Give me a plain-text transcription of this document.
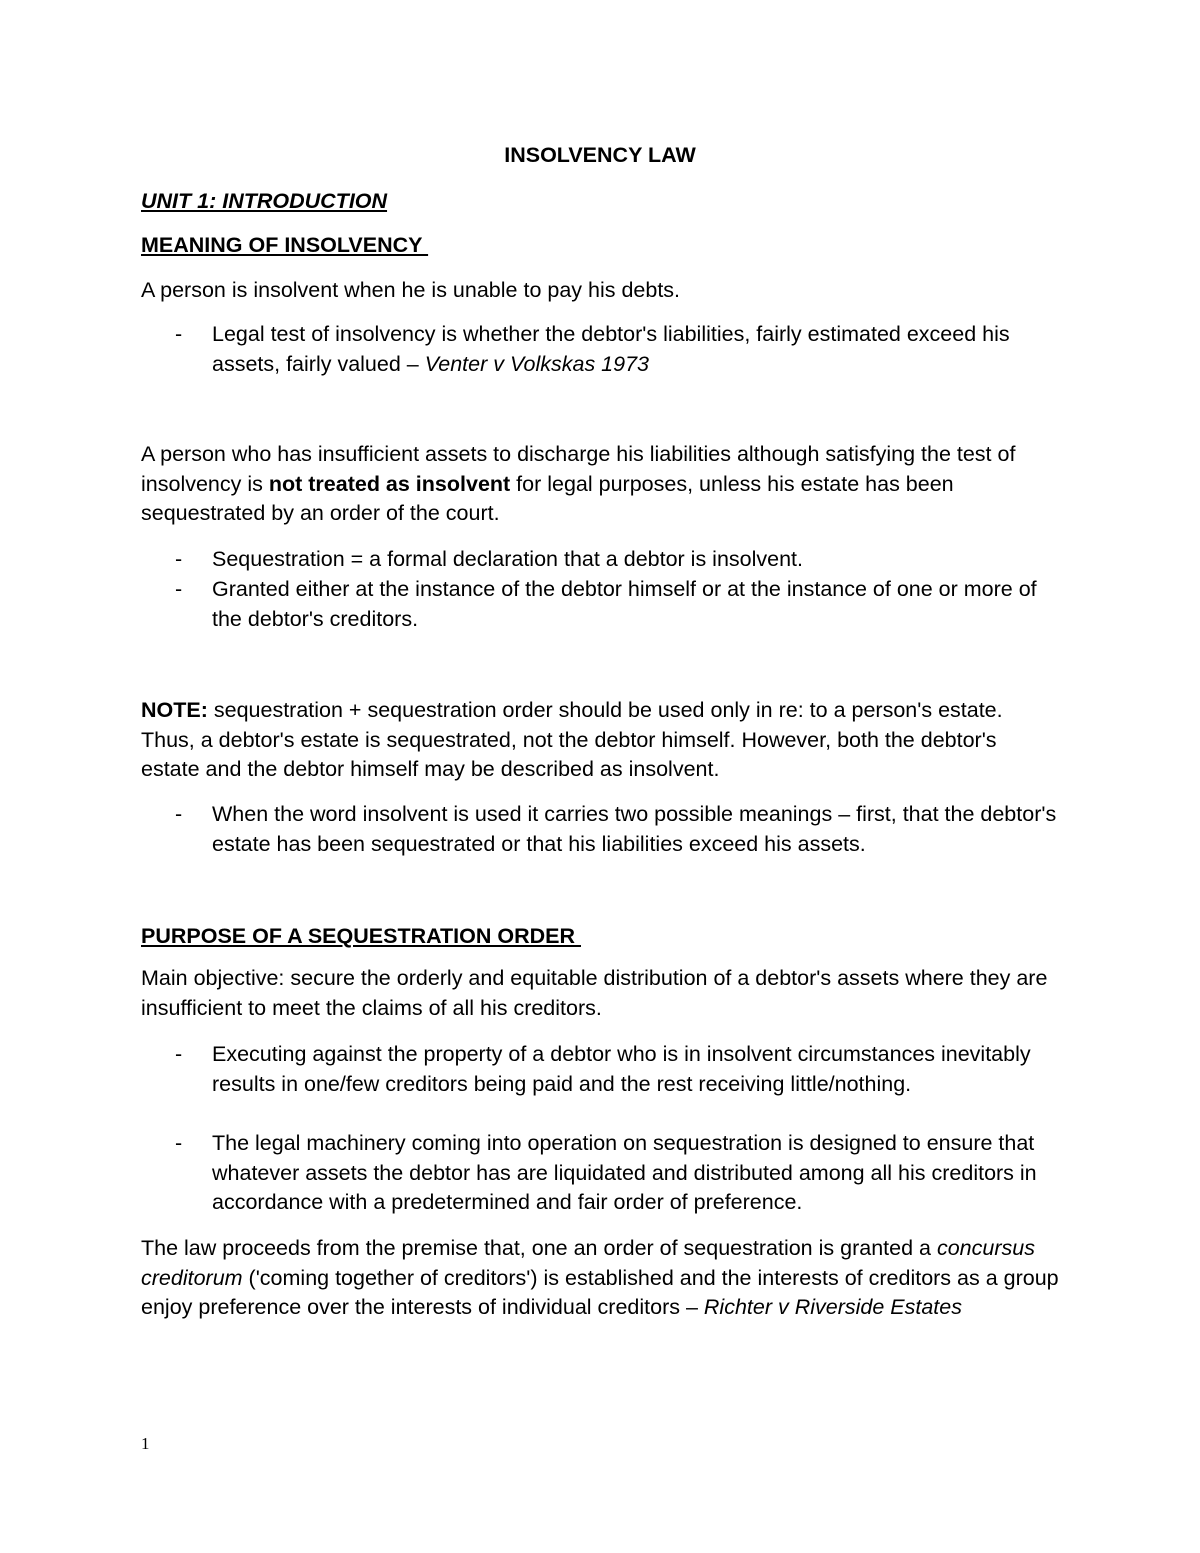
INSOLVENCY LAW
UNIT 1: INTRODUCTION
MEANING OF INSOLVENCY
A person is insolvent when he is unable to pay his debts.
- Legal test of insolvency is whether the debtor's liabilities, fairly estimated exceed his assets, fairly valued – Venter v Volkskas 1973
A person who has insufficient assets to discharge his liabilities although satisfying the test of insolvency is not treated as insolvent for legal purposes, unless his estate has been sequestrated by an order of the court.
- Sequestration = a formal declaration that a debtor is insolvent.
- Granted either at the instance of the debtor himself or at the instance of one or more of the debtor's creditors.
NOTE: sequestration + sequestration order should be used only in re: to a person's estate. Thus, a debtor's estate is sequestrated, not the debtor himself. However, both the debtor's estate and the debtor himself may be described as insolvent.
- When the word insolvent is used it carries two possible meanings – first, that the debtor's estate has been sequestrated or that his liabilities exceed his assets.
PURPOSE OF A SEQUESTRATION ORDER
Main objective: secure the orderly and equitable distribution of a debtor's assets where they are insufficient to meet the claims of all his creditors.
- Executing against the property of a debtor who is in insolvent circumstances inevitably results in one/few creditors being paid and the rest receiving little/nothing.
- The legal machinery coming into operation on sequestration is designed to ensure that whatever assets the debtor has are liquidated and distributed among all his creditors in accordance with a predetermined and fair order of preference.
The law proceeds from the premise that, one an order of sequestration is granted a concursus creditorum ('coming together of creditors') is established and the interests of creditors as a group enjoy preference over the interests of individual creditors – Richter v Riverside Estates
1
